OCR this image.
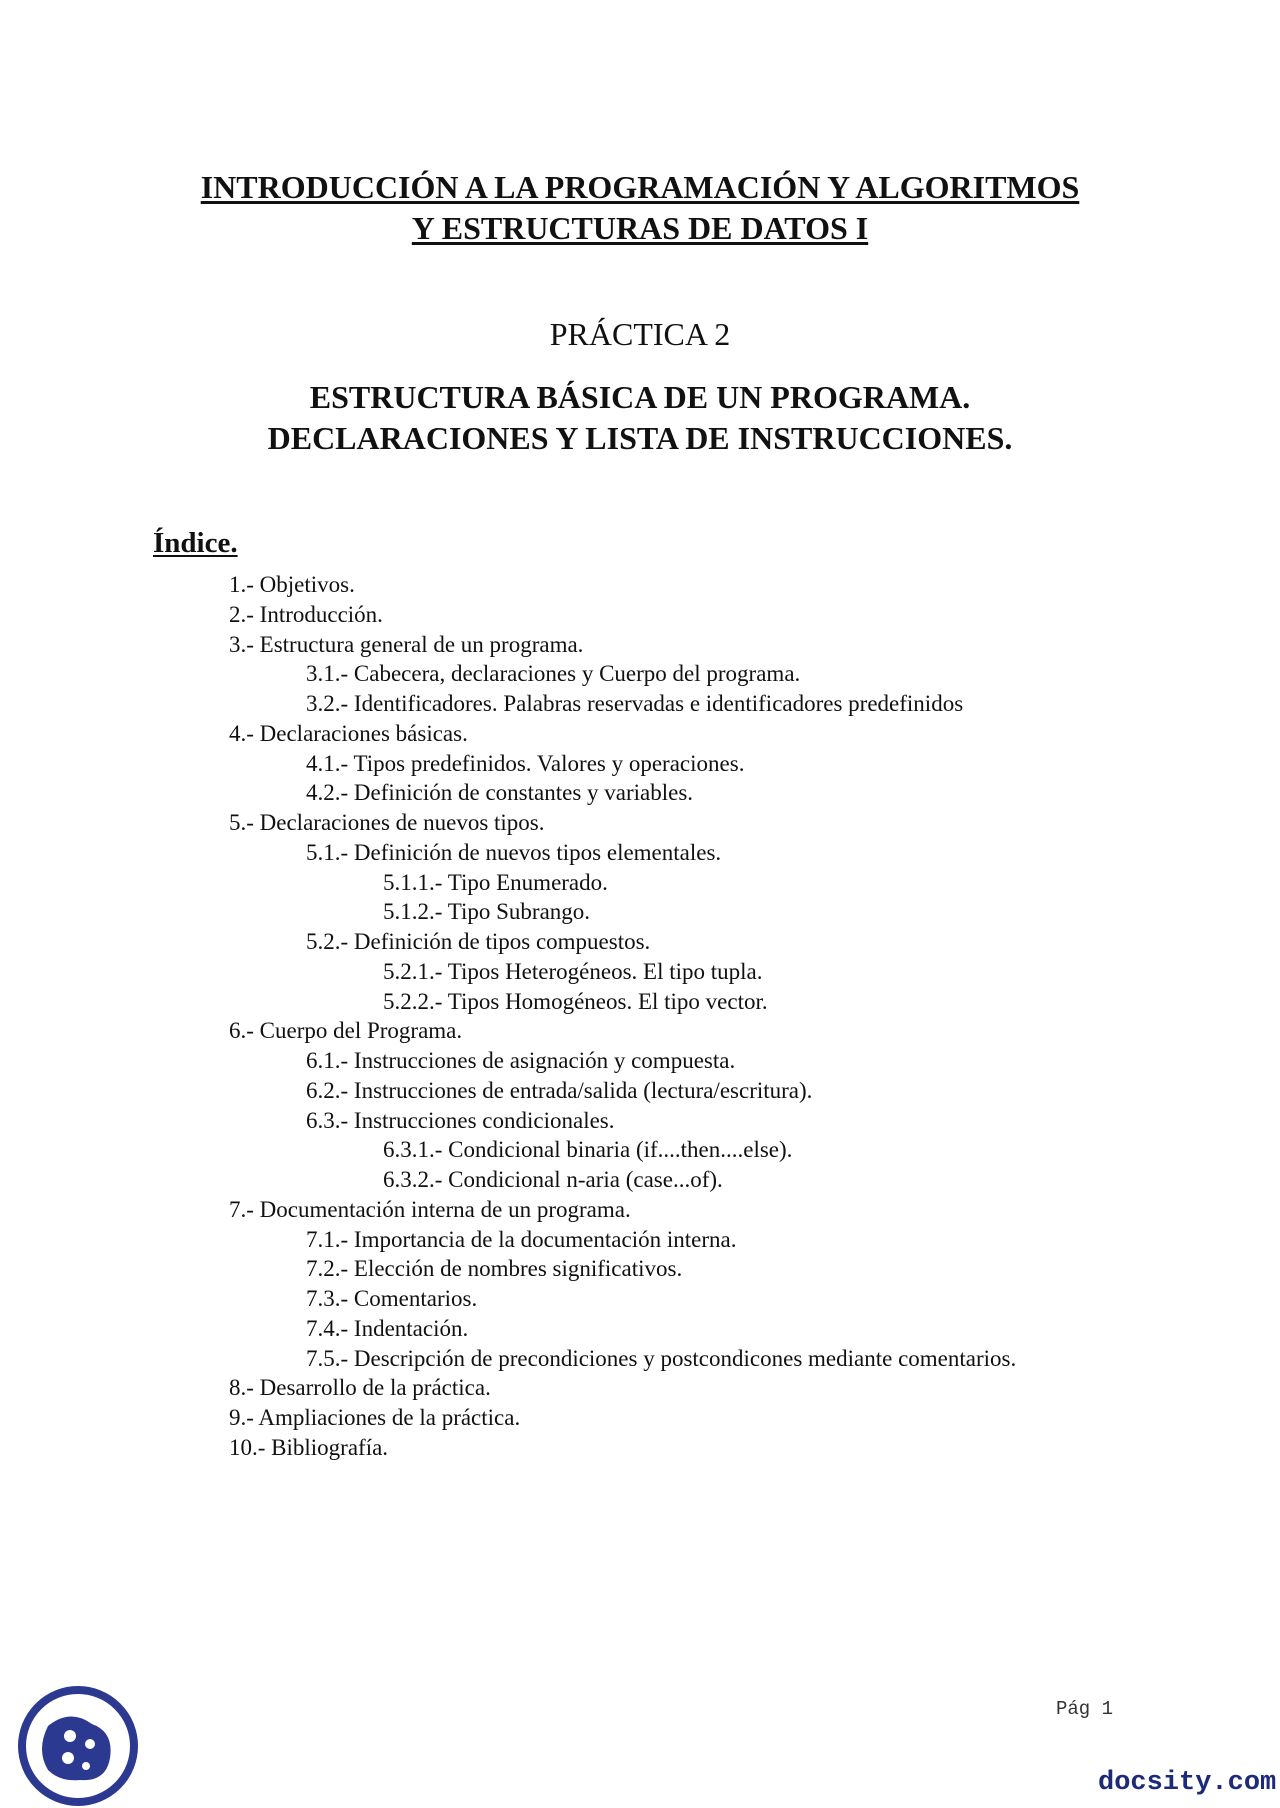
INTRODUCCIÓN A LA PROGRAMACIÓN Y ALGORITMOS
Y ESTRUCTURAS DE DATOS I
PRÁCTICA 2
ESTRUCTURA BÁSICA DE UN PROGRAMA.
DECLARACIONES Y LISTA DE INSTRUCCIONES.
Índice.
1.- Objetivos.
2.- Introducción.
3.- Estructura general de un programa.
3.1.- Cabecera, declaraciones y Cuerpo del programa.
3.2.- Identificadores. Palabras reservadas e identificadores predefinidos
4.- Declaraciones básicas.
4.1.- Tipos predefinidos. Valores y operaciones.
4.2.- Definición de constantes y variables.
5.- Declaraciones de nuevos tipos.
5.1.- Definición de nuevos tipos elementales.
5.1.1.- Tipo Enumerado.
5.1.2.- Tipo Subrango.
5.2.- Definición de tipos compuestos.
5.2.1.- Tipos Heterogéneos. El tipo tupla.
5.2.2.- Tipos Homogéneos. El tipo vector.
6.- Cuerpo del Programa.
6.1.- Instrucciones de asignación y compuesta.
6.2.- Instrucciones de entrada/salida (lectura/escritura).
6.3.- Instrucciones condicionales.
6.3.1.- Condicional binaria (if....then....else).
6.3.2.- Condicional n-aria (case...of).
7.- Documentación interna de un programa.
7.1.- Importancia de la documentación interna.
7.2.- Elección de nombres significativos.
7.3.- Comentarios.
7.4.- Indentación.
7.5.- Descripción de precondiciones y postcondicones mediante comentarios.
8.- Desarrollo de la práctica.
9.- Ampliaciones de la práctica.
10.- Bibliografía.
Pág 1
docsity.com
